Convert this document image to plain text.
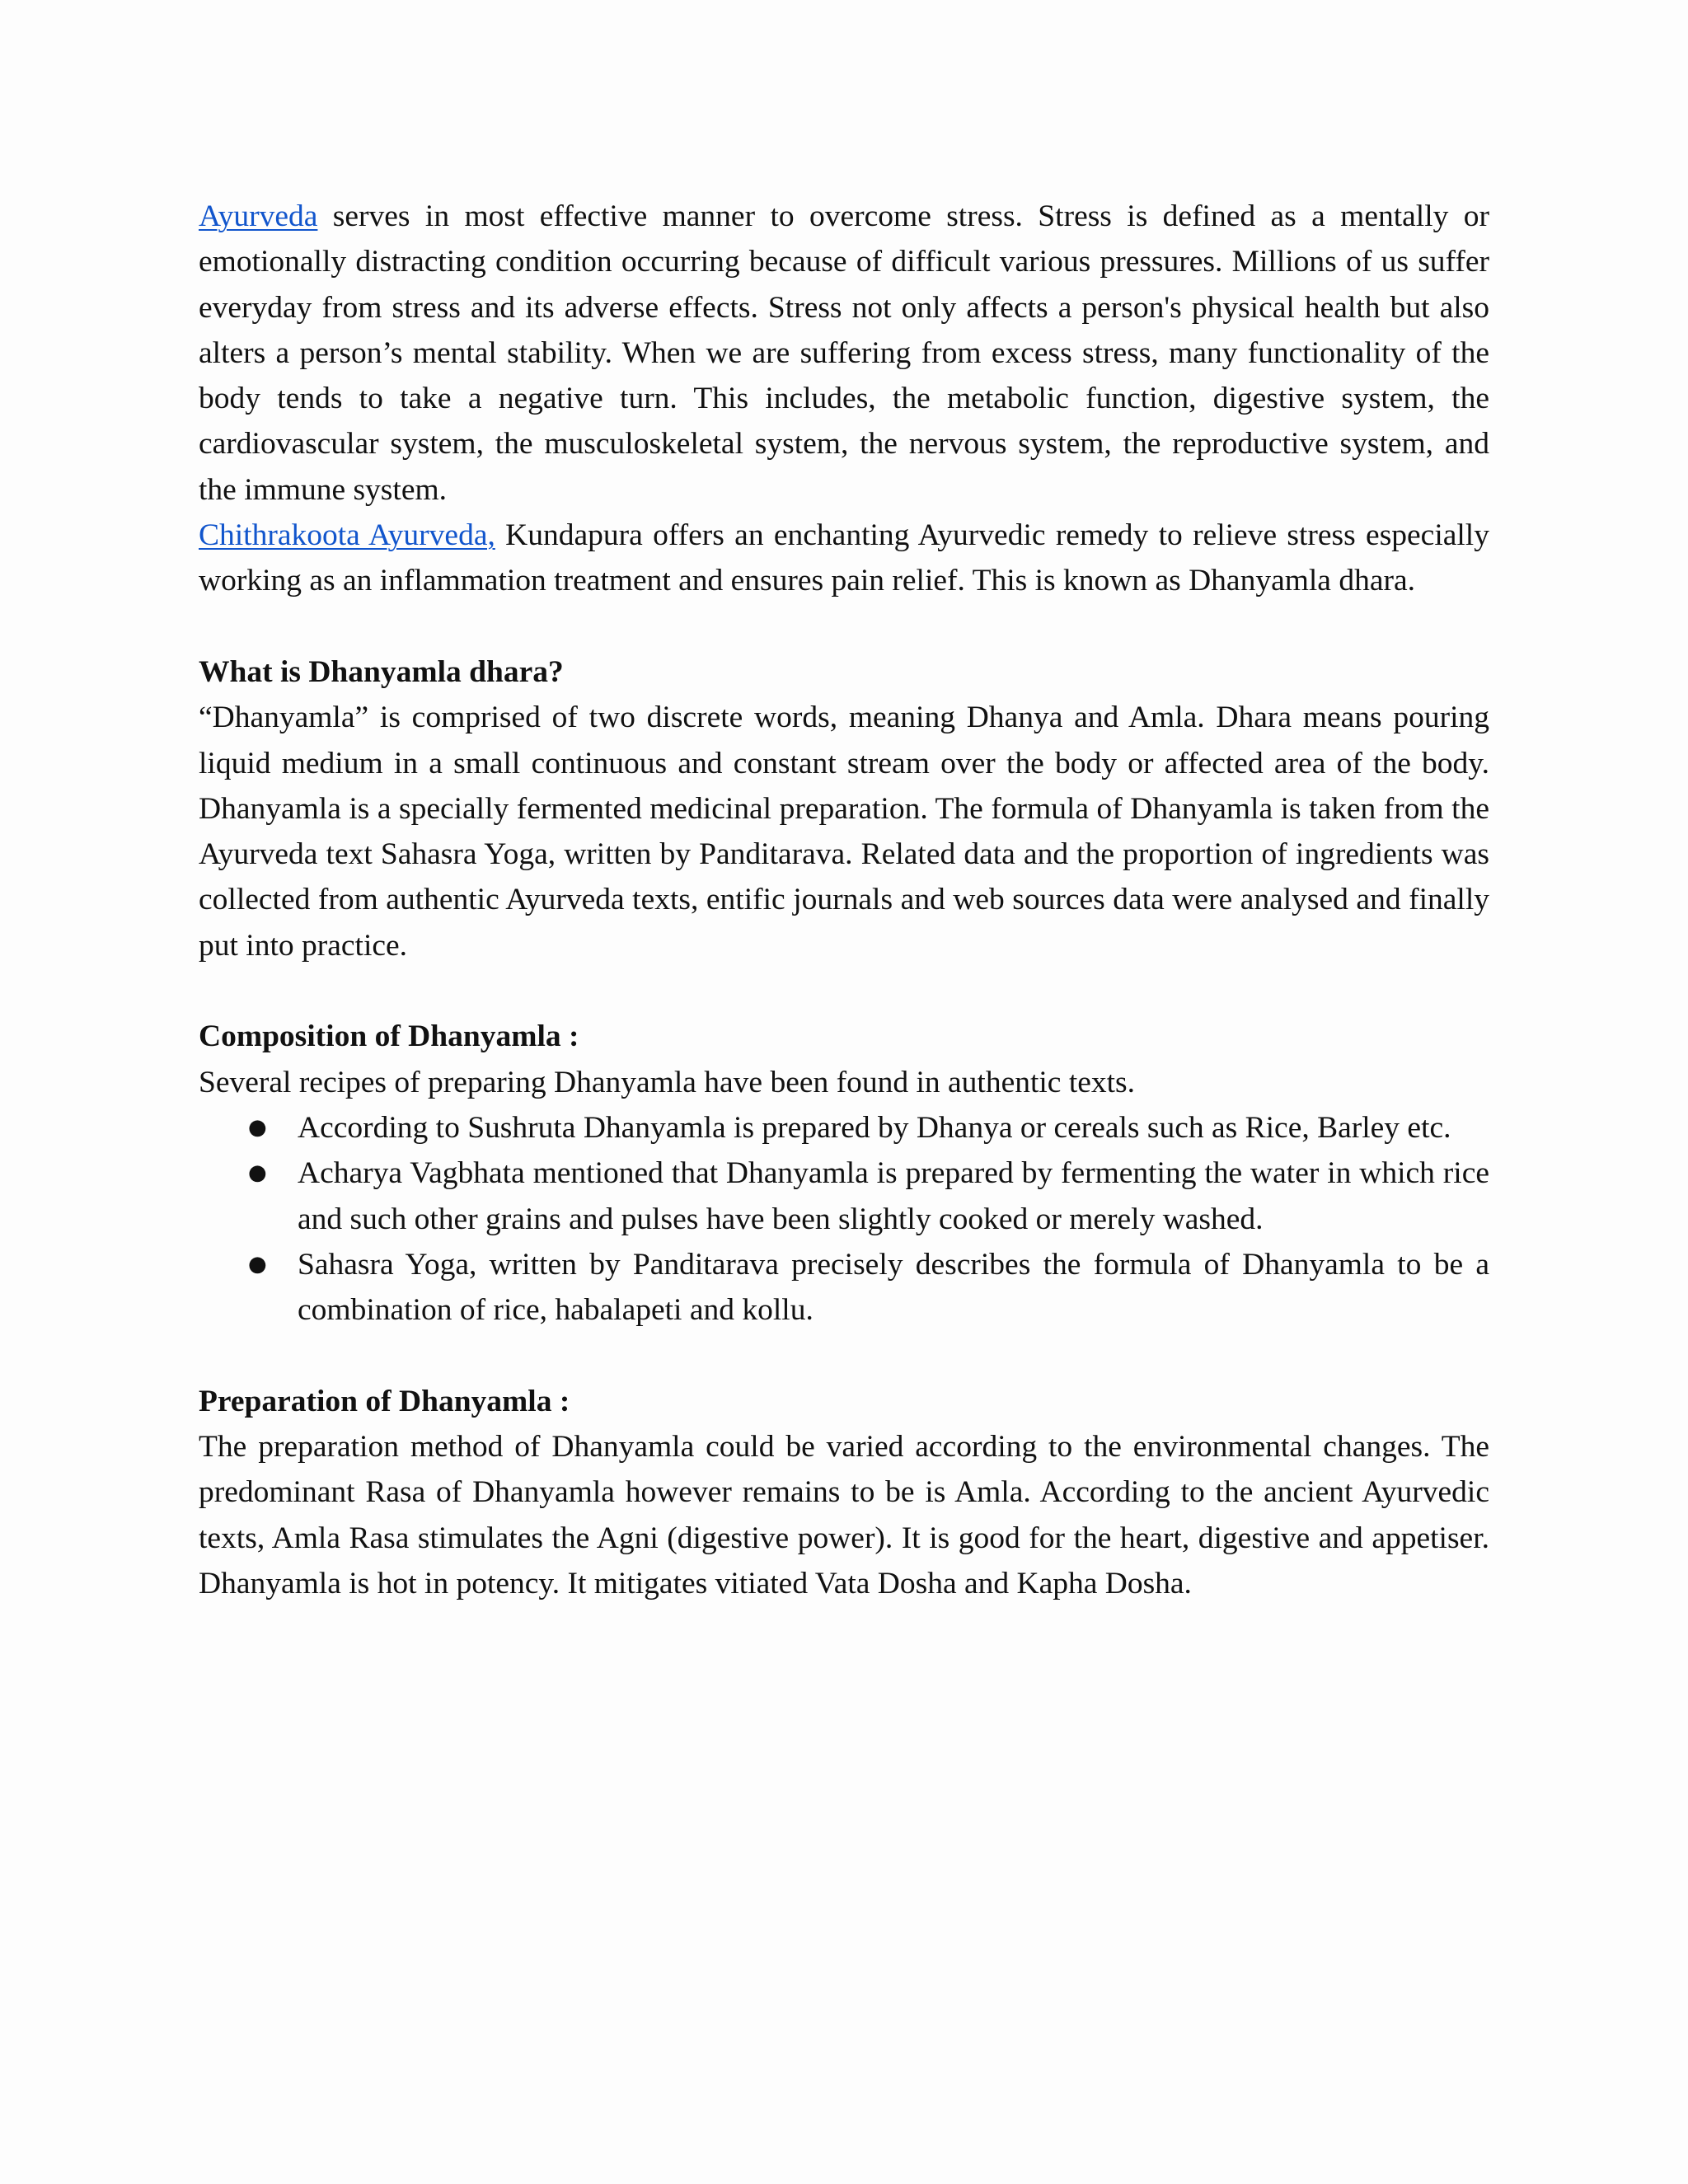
Ayurveda serves in most effective manner to overcome stress. Stress is defined as a mentally or emotionally distracting condition occurring because of difficult various pressures. Millions of us suffer everyday from stress and its adverse effects. Stress not only affects a person's physical health but also alters a person’s mental stability. When we are suffering from excess stress, many functionality of the body tends to take a negative turn. This includes, the metabolic function, digestive system, the cardiovascular system, the musculoskeletal system, the nervous system, the reproductive system, and the immune system.

Chithrakoota Ayurveda, Kundapura offers an enchanting Ayurvedic remedy to relieve stress especially working as an inflammation treatment and ensures pain relief. This is known as Dhanyamla dhara.

What is Dhanyamla dhara?

“Dhanyamla” is comprised of two discrete words, meaning Dhanya and Amla. Dhara means pouring liquid medium in a small continuous and constant stream over the body or affected area of the body. Dhanyamla is a specially fermented medicinal preparation. The formula of Dhanyamla is taken from the Ayurveda text Sahasra Yoga, written by Panditarava. Related data and the proportion of ingredients was collected from authentic Ayurveda texts, entific journals and web sources data were analysed and finally put into practice.

Composition of Dhanyamla :

Several recipes of preparing Dhanyamla have been found in authentic texts.

● According to Sushruta Dhanyamla is prepared by Dhanya or cereals such as Rice, Barley etc.
● Acharya Vagbhata mentioned that Dhanyamla is prepared by fermenting the water in which rice and such other grains and pulses have been slightly cooked or merely washed.
● Sahasra Yoga, written by Panditarava precisely describes the formula of Dhanyamla to be a combination of rice, habalapeti and kollu.

Preparation of Dhanyamla :

The preparation method of Dhanyamla could be varied according to the environmental changes. The predominant Rasa of Dhanyamla however remains to be is Amla. According to the ancient Ayurvedic texts, Amla Rasa stimulates the Agni (digestive power). It is good for the heart, digestive and appetiser. Dhanyamla is hot in potency. It mitigates vitiated Vata Dosha and Kapha Dosha.
